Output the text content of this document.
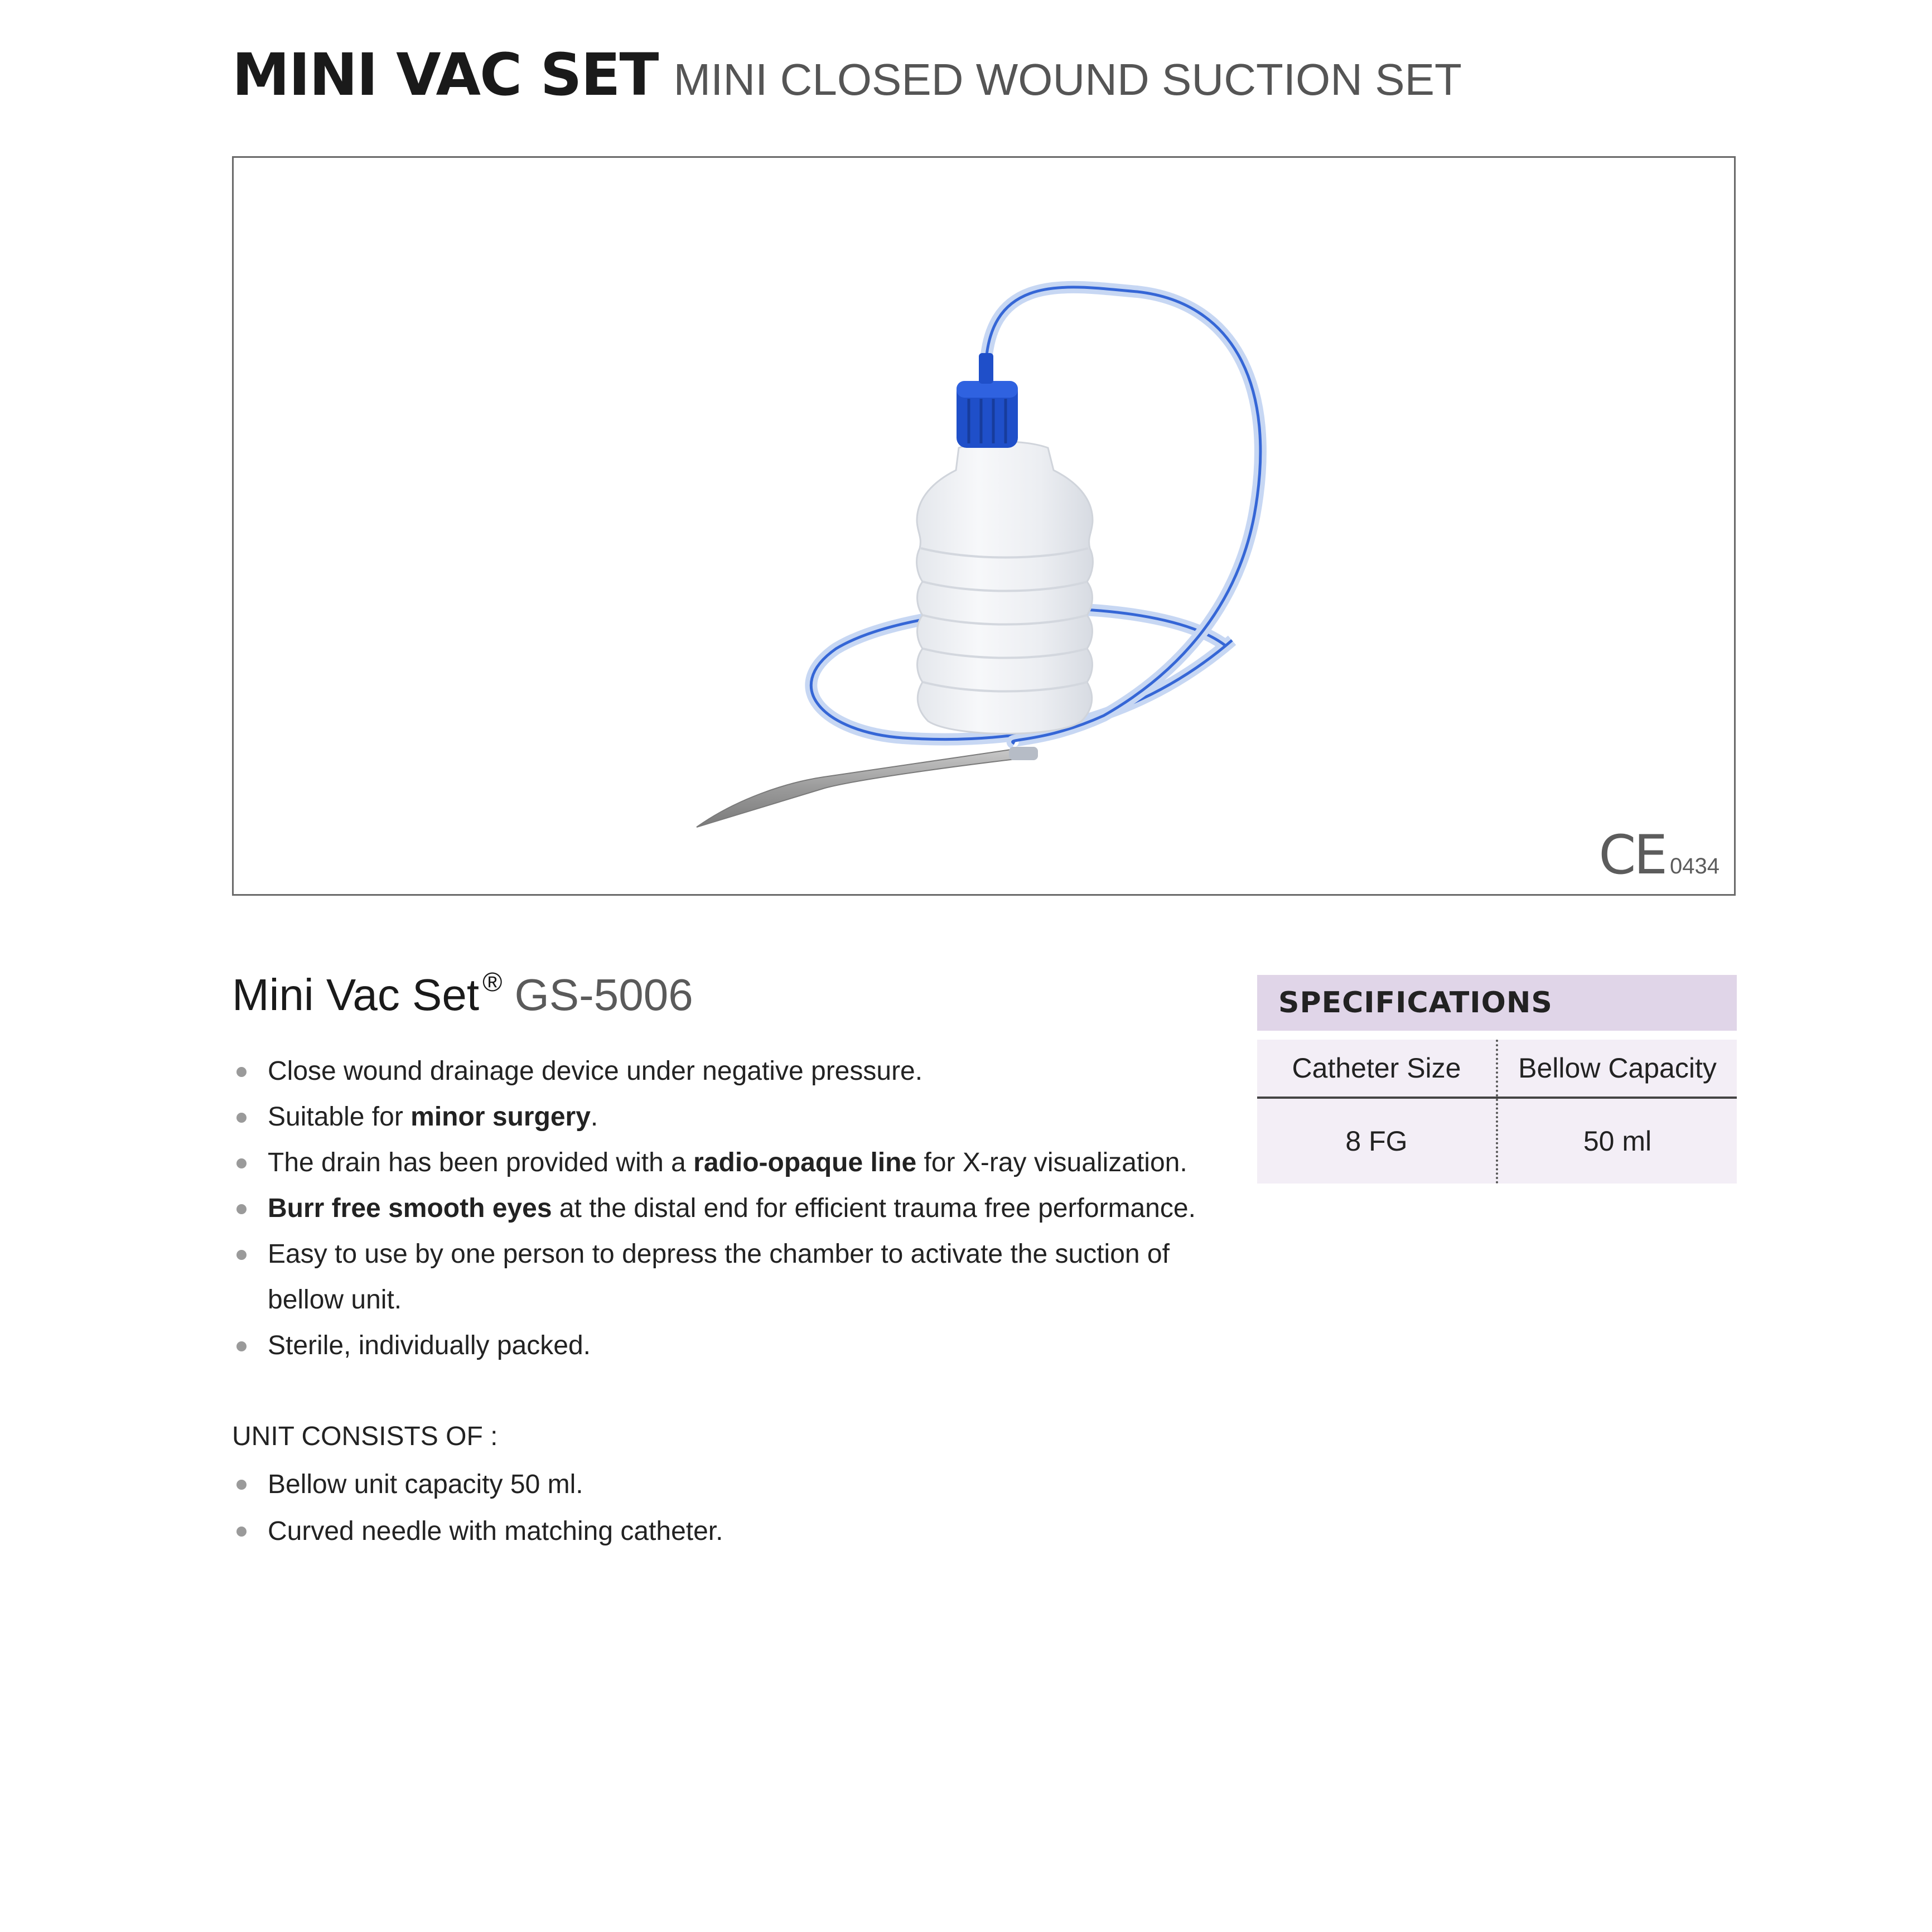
MINI VAC SET MINI CLOSED WOUND SUCTION SET
CE 0434
Mini Vac Set ® GS-5006
Close wound drainage device under negative pressure.
Suitable for minor surgery.
The drain has been provided with a radio-opaque line for X-ray visualization.
Burr free smooth eyes at the distal end for efficient trauma free performance.
Easy to use by one person to depress the chamber to activate the suction of bellow unit.
Sterile, individually packed.
UNIT CONSISTS OF :
Bellow unit capacity 50 ml.
Curved needle with matching catheter.
SPECIFICATIONS
Catheter Size	Bellow Capacity
8 FG	50 ml
